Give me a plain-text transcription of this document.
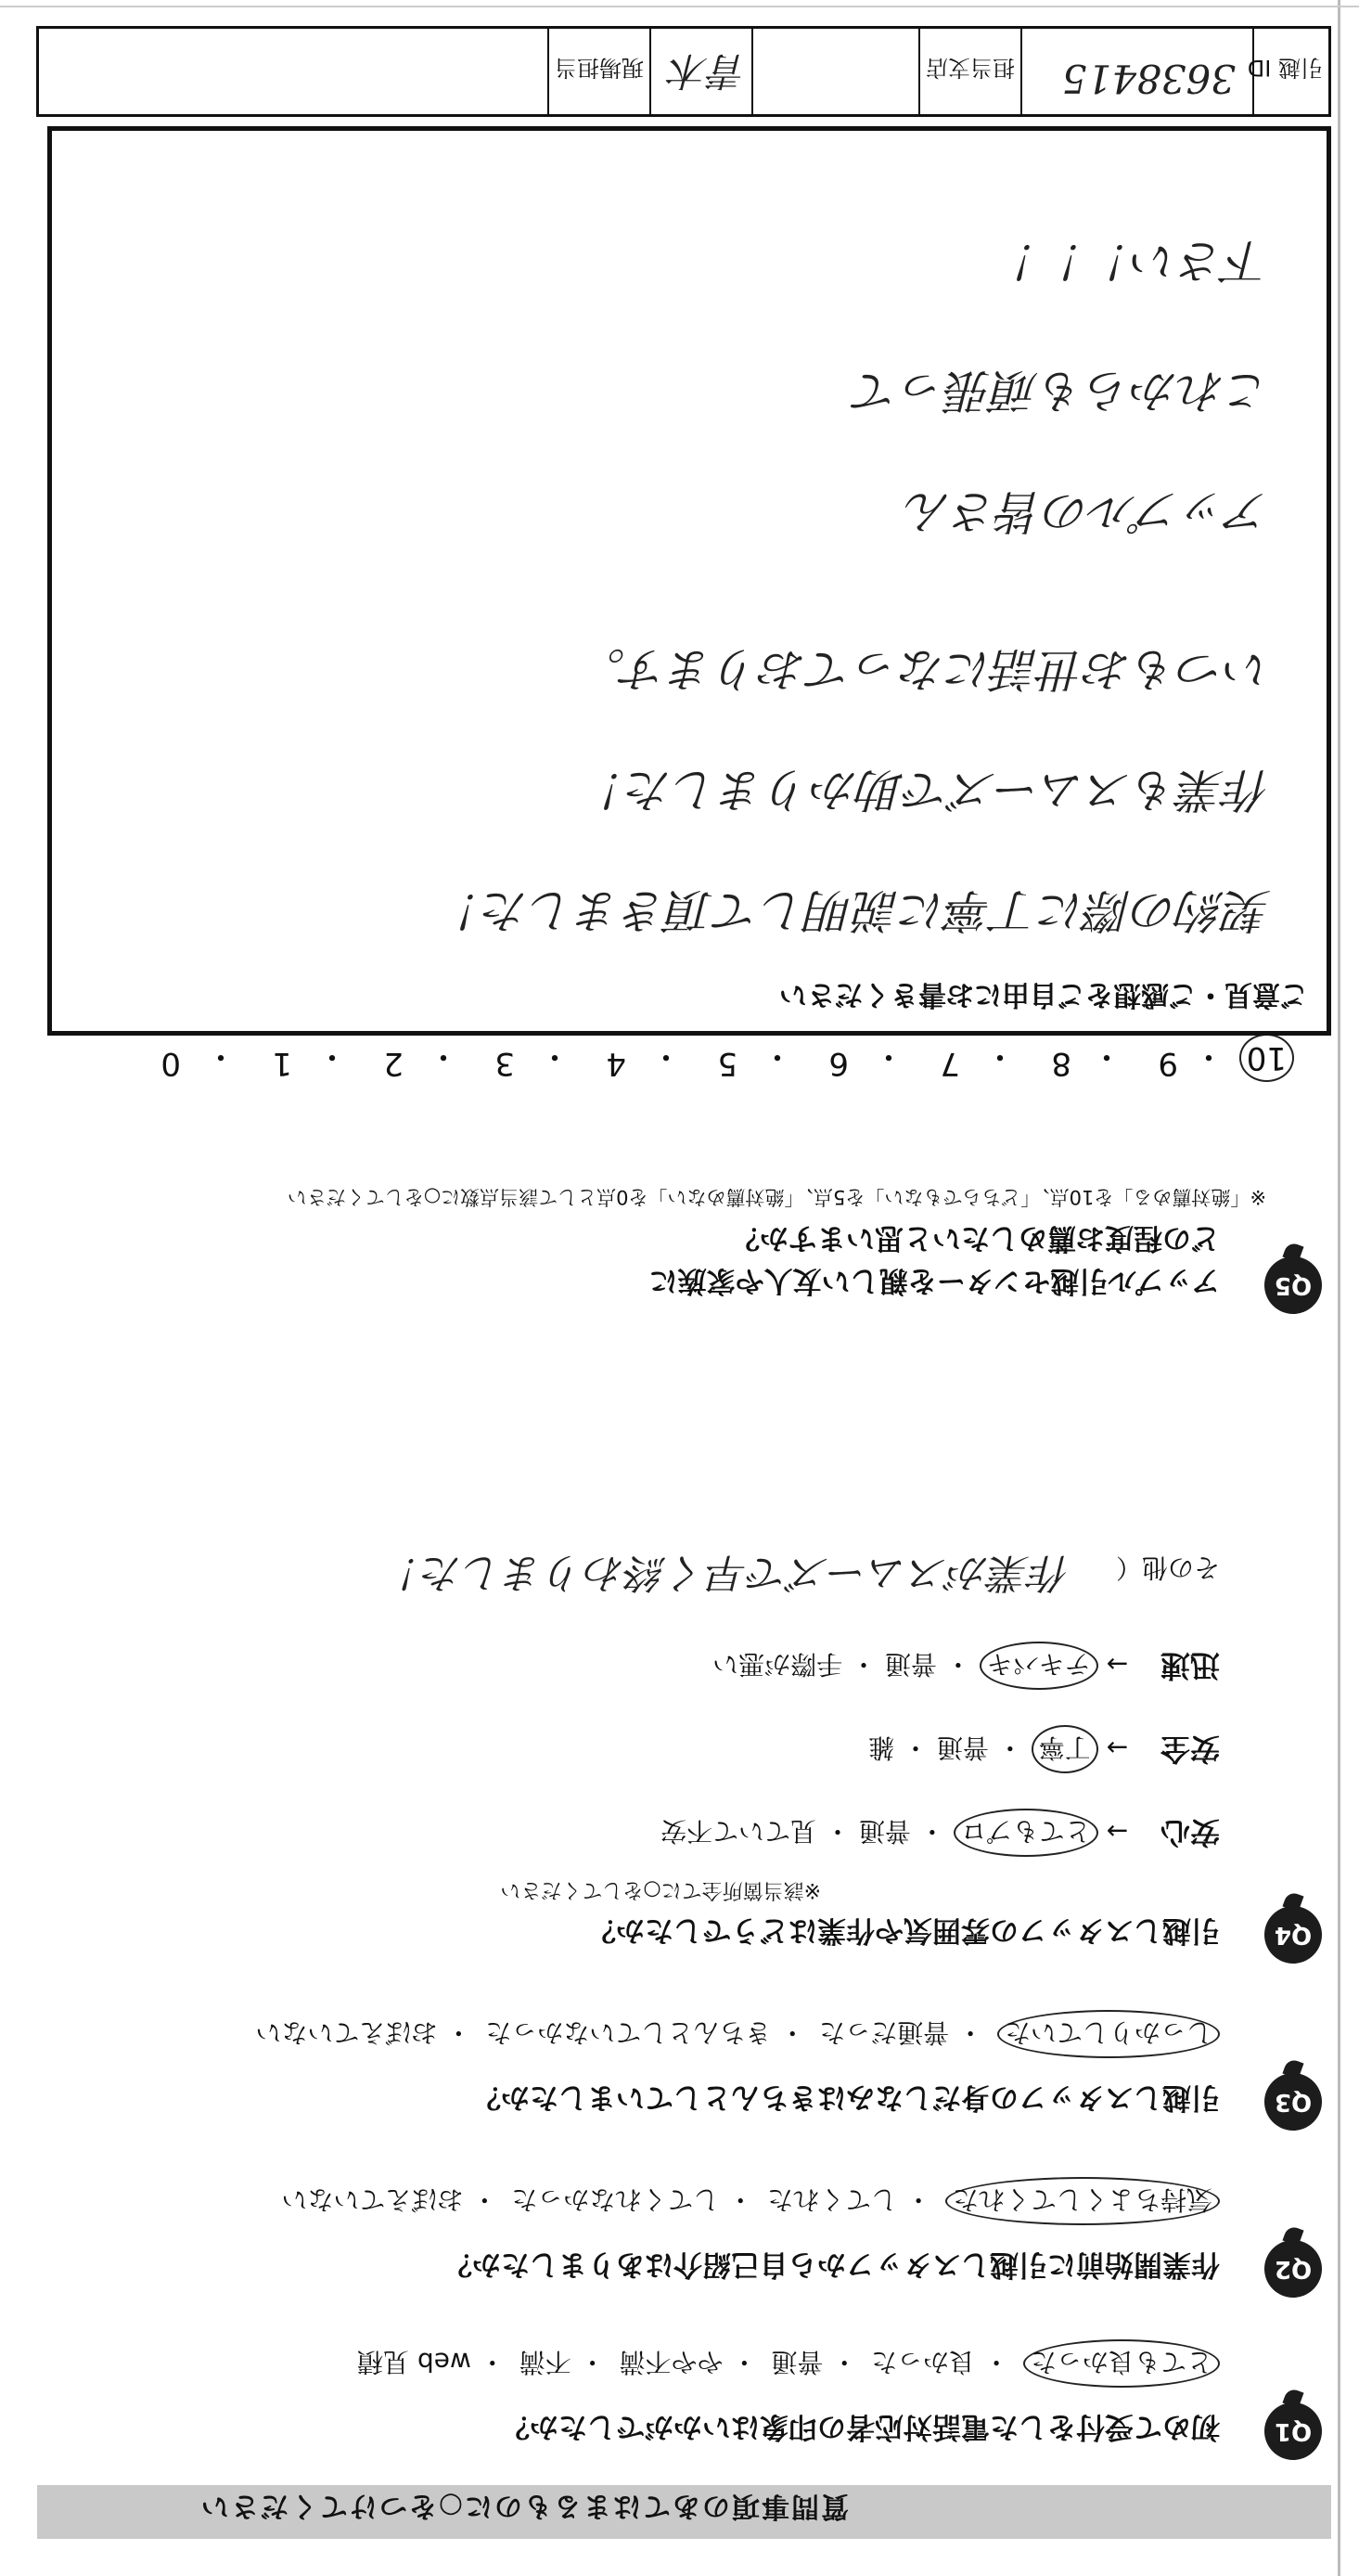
質問事項のあてはまるものに○をつけてください
Q1
初めて受付をした電話対応者の印象はいかがでしたか？
とても良かった ・ 良かった ・ 普通 ・ やや不満 ・ 不満 ・ web 見積
Q2
作業開始前に引越しスタッフから自己紹介はありましたか？
気持ちよくしてくれた ・ してくれた ・ してくれなかった ・ おぼえていない
Q3
引越しスタッフの身だしなみはきちんとしていましたか？
しっかりしていた ・ 普通だった ・ きちんとしていなかった ・ おぼえていない
Q4
引越しスタッフの雰囲気や作業はどうでしたか？
※該当箇所全てに○をしてください
安心 → とてもプロ ・ 普通 ・ 見ていて不安
安全 → 丁寧 ・ 普通 ・ 雑
迅速 → テキパキ ・ 普通 ・ 手際が悪い
その他（ 作業がスムーズで早く終わりました！
Q5
アップル引越センターを親しい友人や家族に
どの程度お薦めしたいと思いますか？
※「絶対薦める」を10点、「どちらでもない」を5点、「絶対薦めない」を0点として該当点数に○をしてください
10
・
9
・
8
・
7
・
6
・
5
・
4
・
3
・
2
・
1
・
0
ご意見・ご感想をご自由にお書きください
契約の際に丁寧に説明して頂きました！
作業もスムーズで助かりました！
いつもお世話になっております。
アップルの皆さん
これからも頑張って
下さい！！！
引越 ID
3638415
担当支店
青木
現場担当
